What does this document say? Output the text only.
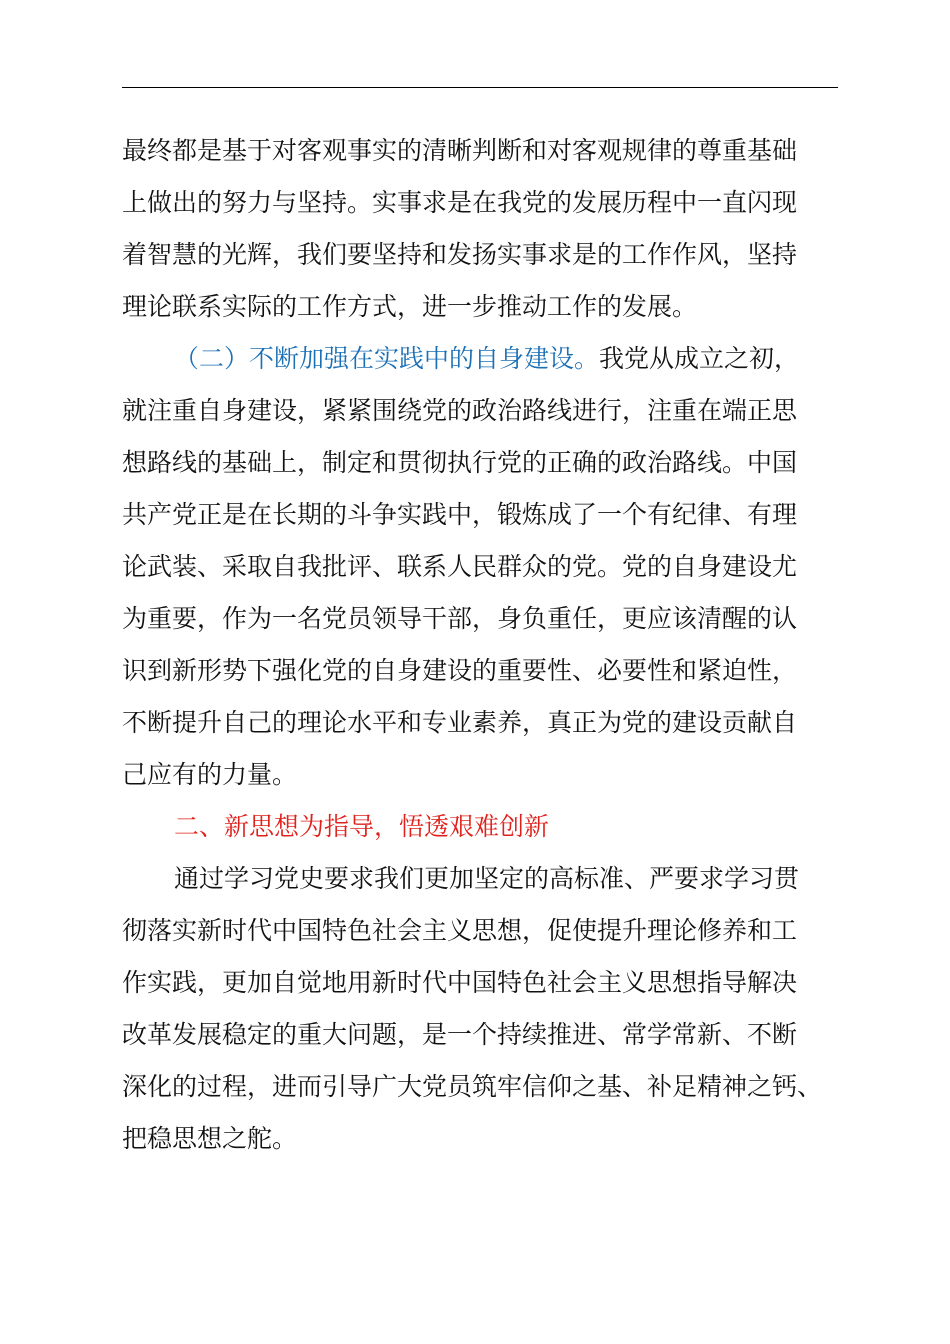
最终都是基于对客观事实的清晰判断和对客观规律的尊重基础
上做出的努力与坚持。实事求是在我党的发展历程中一直闪现
着智慧的光辉，我们要坚持和发扬实事求是的工作作风，坚持
理论联系实际的工作方式，进一步推动工作的发展。
（二）不断加强在实践中的自身建设。我党从成立之初，
就注重自身建设，紧紧围绕党的政治路线进行，注重在端正思
想路线的基础上，制定和贯彻执行党的正确的政治路线。中国
共产党正是在长期的斗争实践中，锻炼成了一个有纪律、有理
论武装、采取自我批评、联系人民群众的党。党的自身建设尤
为重要，作为一名党员领导干部，身负重任，更应该清醒的认
识到新形势下强化党的自身建设的重要性、必要性和紧迫性，
不断提升自己的理论水平和专业素养，真正为党的建设贡献自
己应有的力量。
二、新思想为指导，悟透艰难创新
通过学习党史要求我们更加坚定的高标准、严要求学习贯
彻落实新时代中国特色社会主义思想，促使提升理论修养和工
作实践，更加自觉地用新时代中国特色社会主义思想指导解决
改革发展稳定的重大问题，是一个持续推进、常学常新、不断
深化的过程，进而引导广大党员筑牢信仰之基、补足精神之钙、
把稳思想之舵。
